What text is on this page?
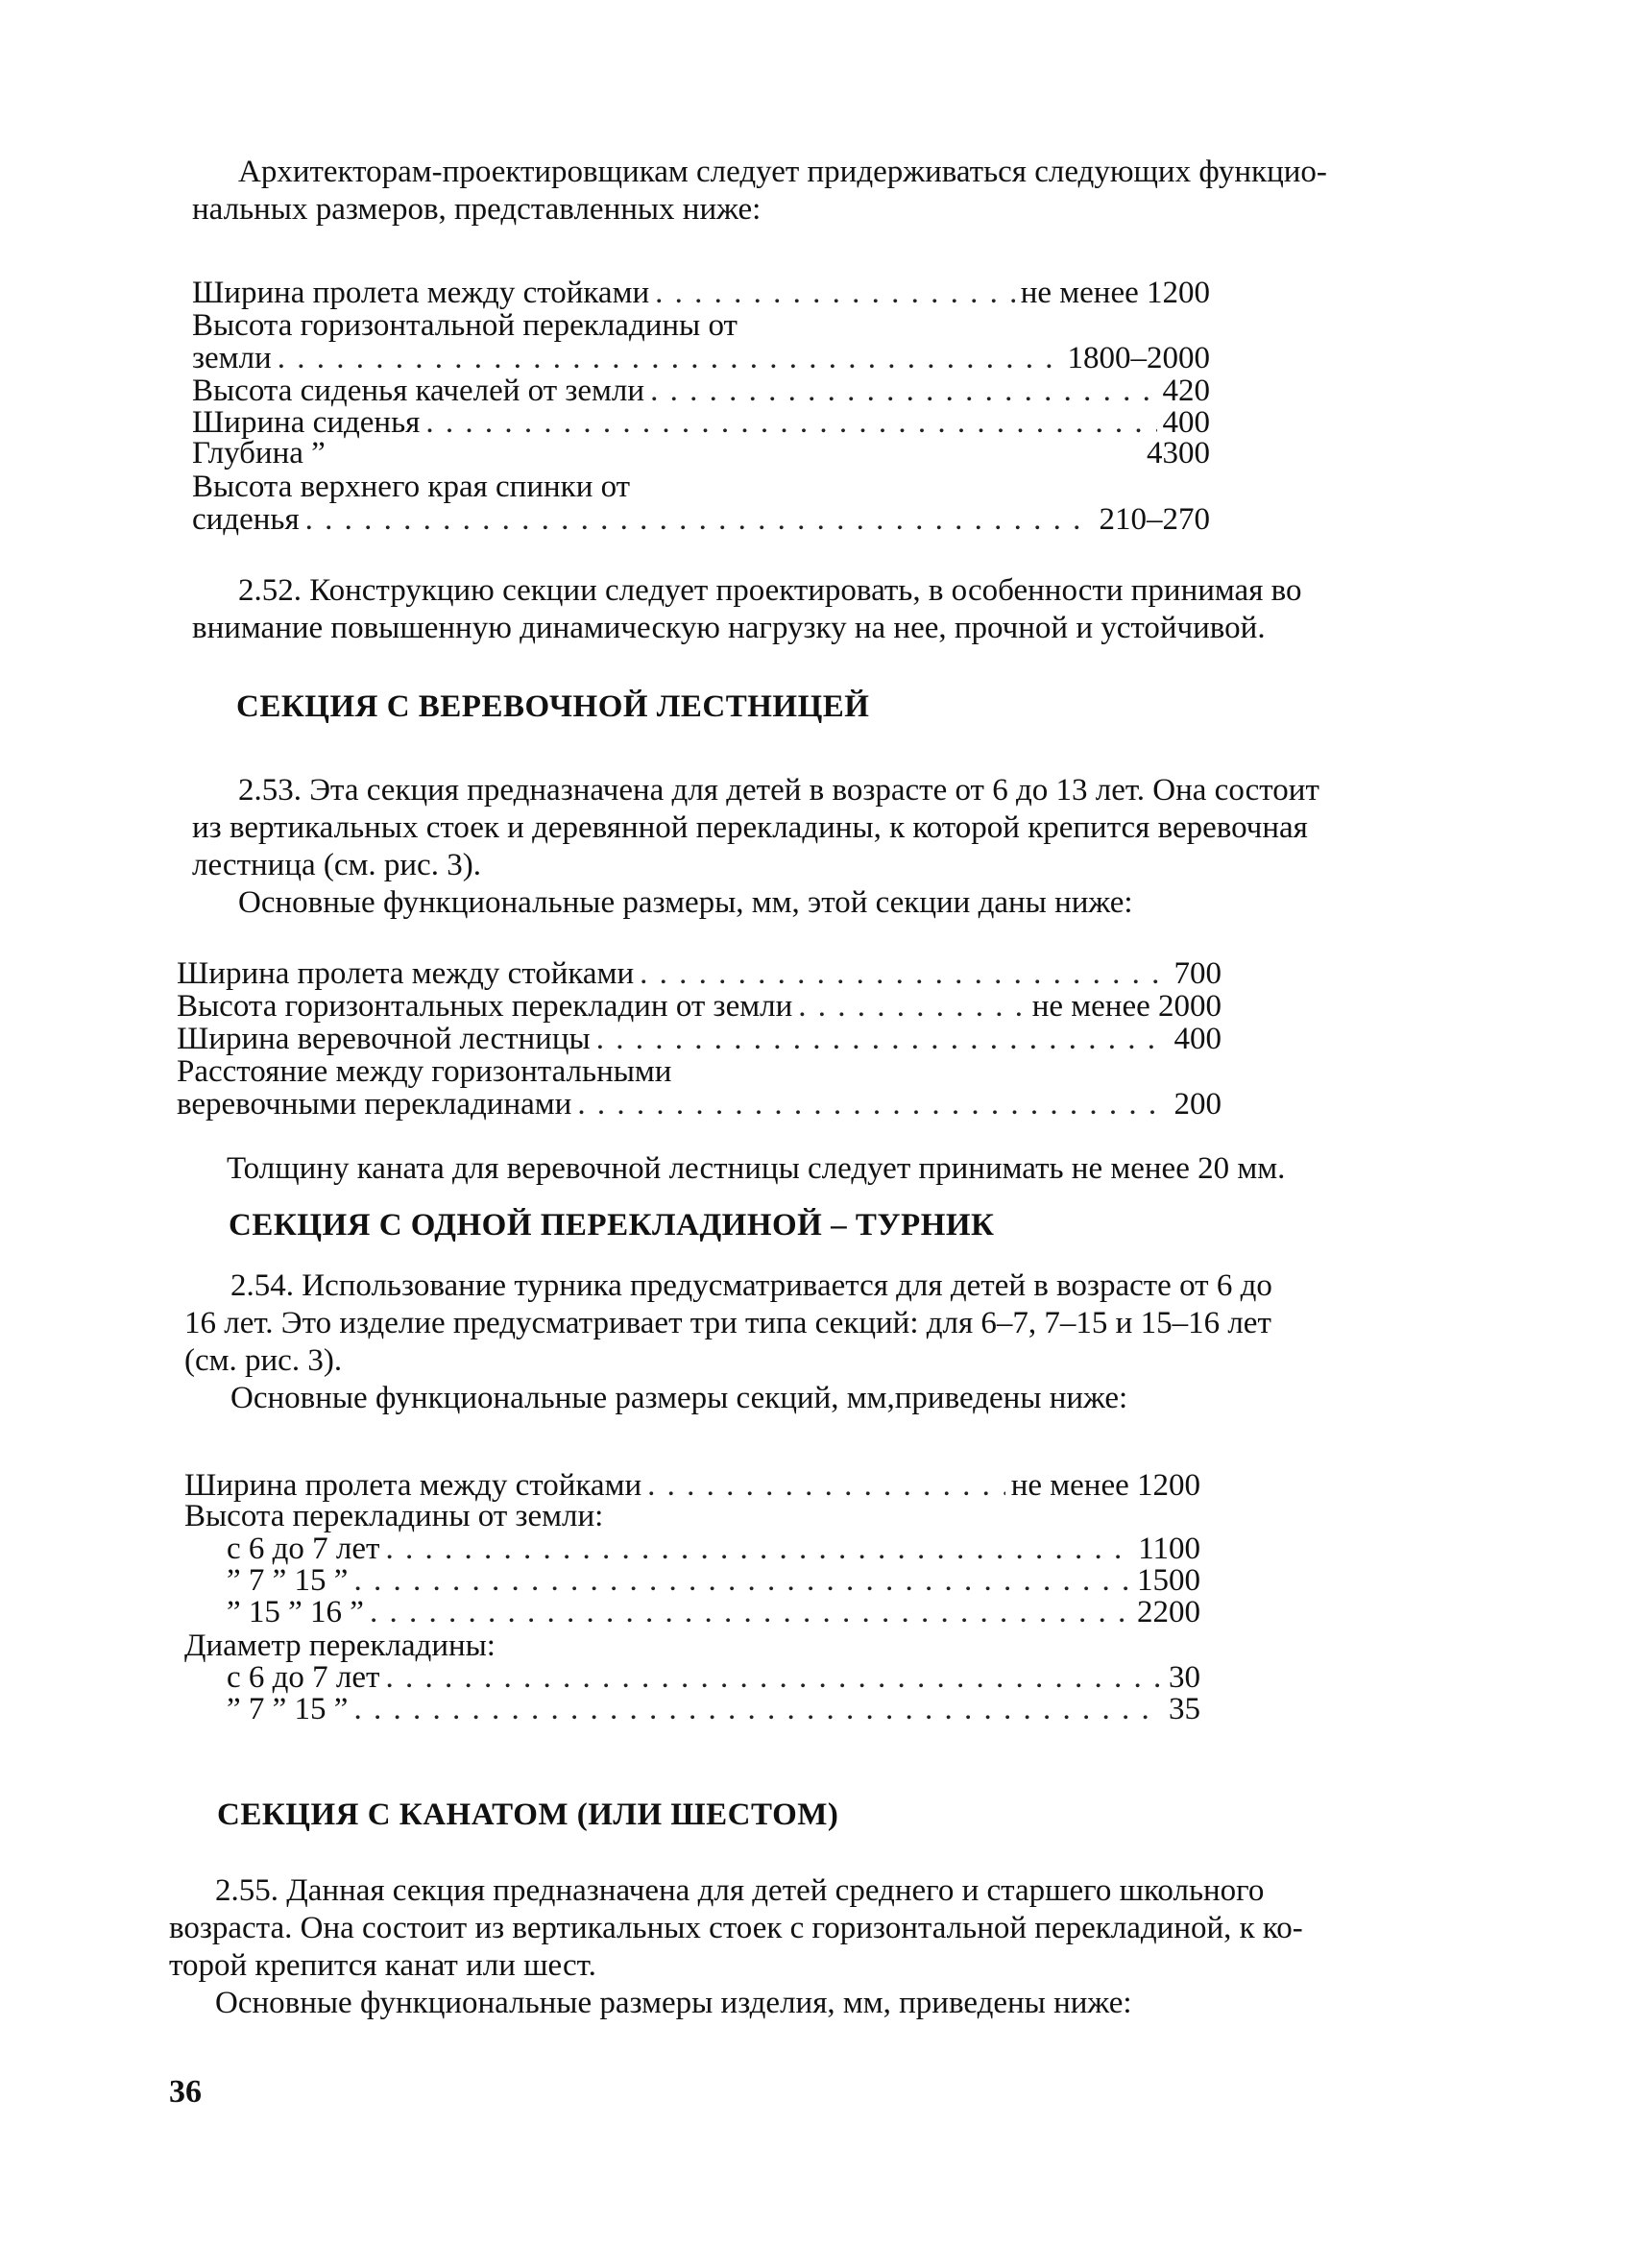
Архитекторам-проектировщикам следует придерживаться следующих функцио-
нальных размеров, представленных ниже:
Ширина пролета между стойками . . .	не менее 1200
Высота горизонтальной перекладины от
земли . . .	1800–2000
Высота сиденья качелей от земли . . .	420
Ширина сиденья . . .	400
Глубина ”	4300
Высота верхнего края спинки от
сиденья . . .	210–270
2.52. Конструкцию секции следует проектировать, в особенности принимая во
внимание повышенную динамическую нагрузку на нее, прочной и устойчивой.
СЕКЦИЯ С ВЕРЕВОЧНОЙ ЛЕСТНИЦЕЙ
2.53. Эта секция предназначена для детей в возрасте от 6 до 13 лет. Она состоит
из вертикальных стоек и деревянной перекладины, к которой крепится веревочная
лестница (см. рис. 3).
Основные функциональные размеры, мм, этой секции даны ниже:
Ширина пролета между стойками . . .	700
Высота горизонтальных перекладин от земли . . .	не менее 2000
Ширина веревочной лестницы . . .	400
Расстояние между горизонтальными
веревочными перекладинами . . .	200
Толщину каната для веревочной лестницы следует принимать не менее 20 мм.
СЕКЦИЯ С ОДНОЙ ПЕРЕКЛАДИНОЙ – ТУРНИК
2.54. Использование турника предусматривается для детей в возрасте от 6 до
16 лет. Это изделие предусматривает три типа секций: для 6–7, 7–15 и 15–16 лет
(см. рис. 3).
Основные функциональные размеры секций, мм,приведены ниже:
Ширина пролета между стойками . . .	не менее 1200
Высота перекладины от земли:
с 6 до 7 лет . . .	1100
” 7 ” 15 ” . . .	1500
” 15 ” 16 ” . . .	2200
Диаметр перекладины:
с 6 до 7 лет . . .	30
” 7 ” 15 ” . . .	35
СЕКЦИЯ С КАНАТОМ (ИЛИ ШЕСТОМ)
2.55. Данная секция предназначена для детей среднего и старшего школьного
возраста. Она состоит из вертикальных стоек с горизонтальной перекладиной, к ко-
торой крепится канат или шест.
Основные функциональные размеры изделия, мм, приведены ниже:
36
